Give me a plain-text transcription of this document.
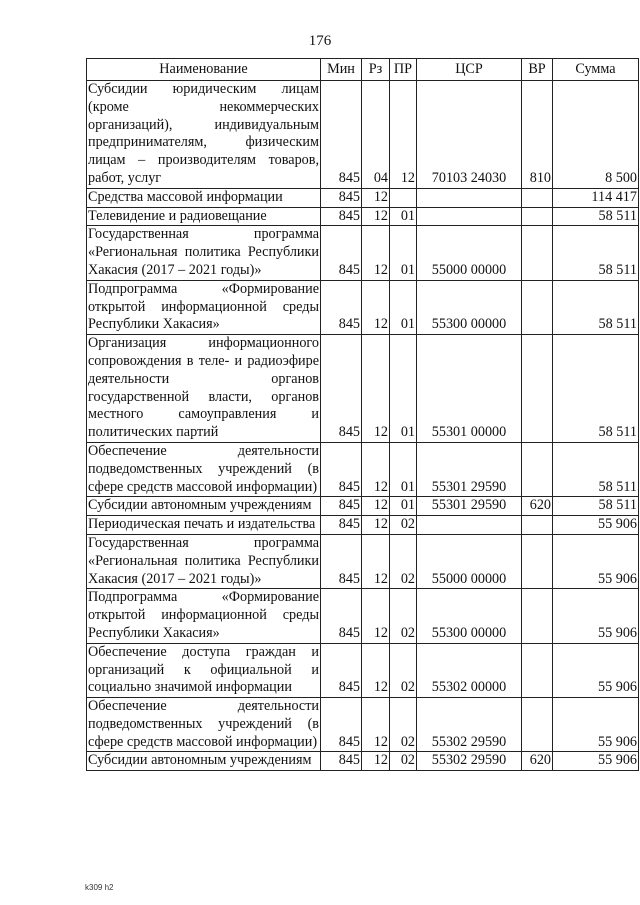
176
Наименование	Мин	Рз	ПР	ЦСР	ВР	Сумма
Субсидии юридическим лицам (кроме некоммерческих организаций), индивидуальным предпринимателям, физическим лицам – производителям товаров, работ, услуг	845	04	12	70103 24030	810	8 500
Средства массовой информации	845	12				114 417
Телевидение и радиовещание	845	12	01			58 511
Государственная программа «Региональная политика Республики Хакасия (2017 – 2021 годы)»	845	12	01	55000 00000		58 511
Подпрограмма «Формирование открытой информационной среды Республики Хакасия»	845	12	01	55300 00000		58 511
Организация информационного сопровождения в теле- и радиоэфире деятельности органов государственной власти, органов местного самоуправления и политических партий	845	12	01	55301 00000		58 511
Обеспечение деятельности подведомственных учреждений (в сфере средств массовой информации)	845	12	01	55301 29590		58 511
Субсидии автономным учреждениям	845	12	01	55301 29590	620	58 511
Периодическая печать и издательства	845	12	02			55 906
Государственная программа «Региональная политика Республики Хакасия (2017 – 2021 годы)»	845	12	02	55000 00000		55 906
Подпрограмма «Формирование открытой информационной среды Республики Хакасия»	845	12	02	55300 00000		55 906
Обеспечение доступа граждан и организаций к официальной и социально значимой информации	845	12	02	55302 00000		55 906
Обеспечение деятельности подведомственных учреждений (в сфере средств массовой информации)	845	12	02	55302 29590		55 906
Субсидии автономным учреждениям	845	12	02	55302 29590	620	55 906
k309 h2
